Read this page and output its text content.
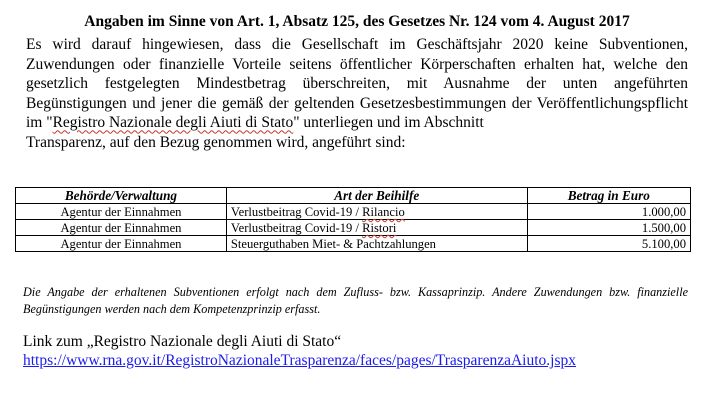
Angaben im Sinne von Art. 1, Absatz 125, des Gesetzes Nr. 124 vom 4. August 2017

Es wird darauf hingewiesen, dass die Gesellschaft im Geschäftsjahr 2020 keine Subventionen, Zuwendungen oder finanzielle Vorteile seitens öffentlicher Körperschaften erhalten hat, welche den gesetzlich festgelegten Mindestbetrag überschreiten, mit Ausnahme der unten angeführten Begünstigungen und jener die gemäß der geltenden Gesetzesbestimmungen der Veröffentlichungspflicht im "Registro Nazionale degli Aiuti di Stato" unterliegen und im Abschnitt
Transparenz, auf den Bezug genommen wird, angeführt sind:

Behörde/Verwaltung	Art der Beihilfe	Betrag in Euro
Agentur der Einnahmen	Verlustbeitrag Covid-19 / Rilancio	1.000,00
Agentur der Einnahmen	Verlustbeitrag Covid-19 / Ristori	1.500,00
Agentur der Einnahmen	Steuerguthaben Miet- & Pachtzahlungen	5.100,00

Die Angabe der erhaltenen Subventionen erfolgt nach dem Zufluss- bzw. Kassaprinzip. Andere Zuwendungen bzw. finanzielle Begünstigungen werden nach dem Kompetenzprinzip erfasst.

Link zum „Registro Nazionale degli Aiuti di Stato“

https://www.rna.gov.it/RegistroNazionaleTrasparenza/faces/pages/TrasparenzaAiuto.jspx
